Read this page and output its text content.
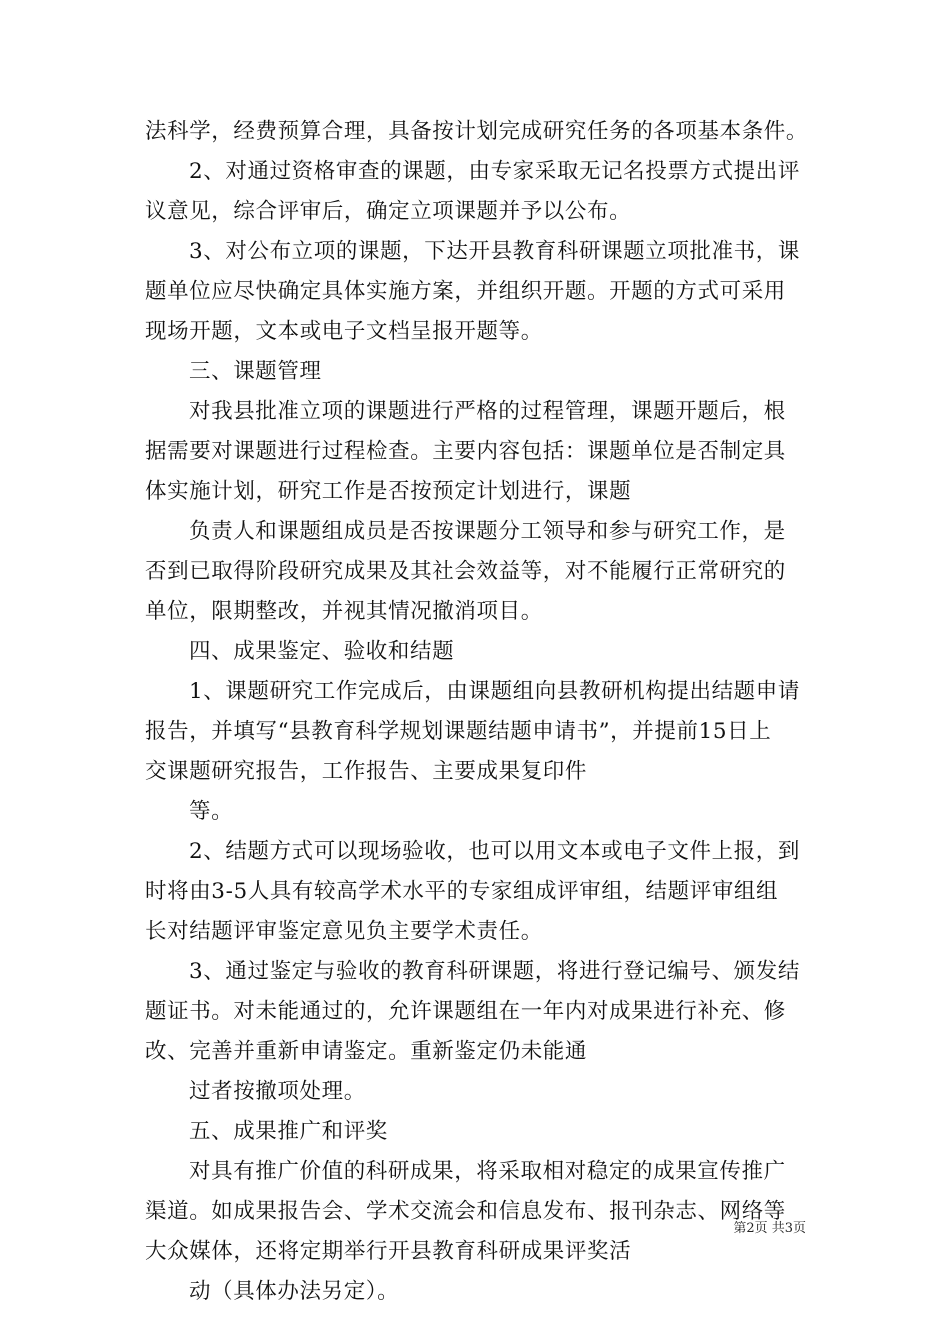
法科学，经费预算合理，具备按计划完成研究任务的各项基本条件。
2、对通过资格审查的课题，由专家采取无记名投票方式提出评
议意见，综合评审后，确定立项课题并予以公布。
3、对公布立项的课题，下达开县教育科研课题立项批准书，课
题单位应尽快确定具体实施方案，并组织开题。开题的方式可采用
现场开题，文本或电子文档呈报开题等。
三、课题管理
对我县批准立项的课题进行严格的过程管理，课题开题后，根
据需要对课题进行过程检查。主要内容包括：课题单位是否制定具
体实施计划，研究工作是否按预定计划进行，课题
负责人和课题组成员是否按课题分工领导和参与研究工作，是
否到已取得阶段研究成果及其社会效益等，对不能履行正常研究的
单位，限期整改，并视其情况撤消项目。
四、成果鉴定、验收和结题
1、课题研究工作完成后，由课题组向县教研机构提出结题申请
报告，并填写“县教育科学规划课题结题申请书”，并提前15日上
交课题研究报告，工作报告、主要成果复印件
等。
2、结题方式可以现场验收，也可以用文本或电子文件上报，到
时将由3-5人具有较高学术水平的专家组成评审组，结题评审组组
长对结题评审鉴定意见负主要学术责任。
3、通过鉴定与验收的教育科研课题，将进行登记编号、颁发结
题证书。对未能通过的，允许课题组在一年内对成果进行补充、修
改、完善并重新申请鉴定。重新鉴定仍未能通
过者按撤项处理。
五、成果推广和评奖
对具有推广价值的科研成果，将采取相对稳定的成果宣传推广
渠道。如成果报告会、学术交流会和信息发布、报刊杂志、网络等
大众媒体，还将定期举行开县教育科研成果评奖活
动（具体办法另定）。
第2页 共3页
